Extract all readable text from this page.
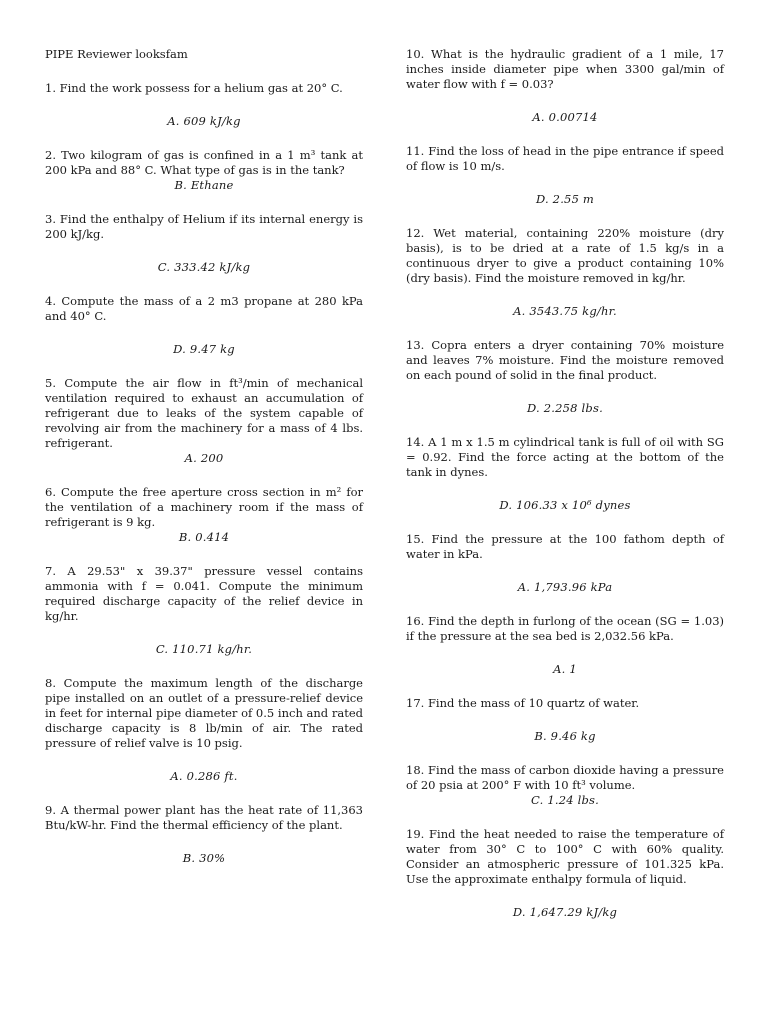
PIPE Reviewer looksfam

1. Find the work possess for a helium gas at 20° C.

A. 609 kJ/kg

2. Two kilogram of gas is confined in a 1 m³ tank at 200 kPa and 88° C. What type of gas is in the tank?

B. Ethane

3. Find the enthalpy of Helium if its internal energy is 200 kJ/kg.

C. 333.42 kJ/kg

4. Compute the mass of a 2 m3 propane at 280 kPa and 40° C.

D. 9.47 kg

5. Compute the air flow in ft³/min of mechanical ventilation required to exhaust an accumulation of refrigerant due to leaks of the system capable of revolving air from the machinery for a mass of 4 lbs. refrigerant.

A. 200

6. Compute the free aperture cross section in m² for the ventilation of a machinery room if the mass of refrigerant is 9 kg.

B. 0.414

7. A 29.53" x 39.37" pressure vessel contains ammonia with f = 0.041. Compute the minimum required discharge capacity of the relief device in kg/hr.

C. 110.71 kg/hr.

8. Compute the maximum length of the discharge pipe installed on an outlet of a pressure-relief device in feet for internal pipe diameter of 0.5 inch and rated discharge capacity is 8 lb/min of air. The rated pressure of relief valve is 10 psig.

A. 0.286 ft.

9. A thermal power plant has the heat rate of 11,363 Btu/kW-hr. Find the thermal efficiency of the plant.

B. 30%

10. What is the hydraulic gradient of a 1 mile, 17 inches inside diameter pipe when 3300 gal/min of water flow with f = 0.03?

A. 0.00714

11. Find the loss of head in the pipe entrance if speed of flow is 10 m/s.

D. 2.55 m

12. Wet material, containing 220% moisture (dry basis), is to be dried at a rate of 1.5 kg/s in a continuous dryer to give a product containing 10% (dry basis). Find the moisture removed in kg/hr.

A. 3543.75 kg/hr.

13. Copra enters a dryer containing 70% moisture and leaves 7% moisture. Find the moisture removed on each pound of solid in the final product.

D. 2.258 lbs.

14. A 1 m x 1.5 m cylindrical tank is full of oil with SG = 0.92. Find the force acting at the bottom of the tank in dynes.

D. 106.33 x 10⁶ dynes

15. Find the pressure at the 100 fathom depth of water in kPa.

A. 1,793.96 kPa

16. Find the depth in furlong of the ocean (SG = 1.03) if the pressure at the sea bed is 2,032.56 kPa.

A. 1

17. Find the mass of 10 quartz of water.

B. 9.46 kg

18. Find the mass of carbon dioxide having a pressure of 20 psia at 200° F with 10 ft³ volume.

C. 1.24 lbs.

19. Find the heat needed to raise the temperature of water from 30° C to 100° C with 60% quality. Consider an atmospheric pressure of 101.325 kPa. Use the approximate enthalpy formula of liquid.

D. 1,647.29 kJ/kg
